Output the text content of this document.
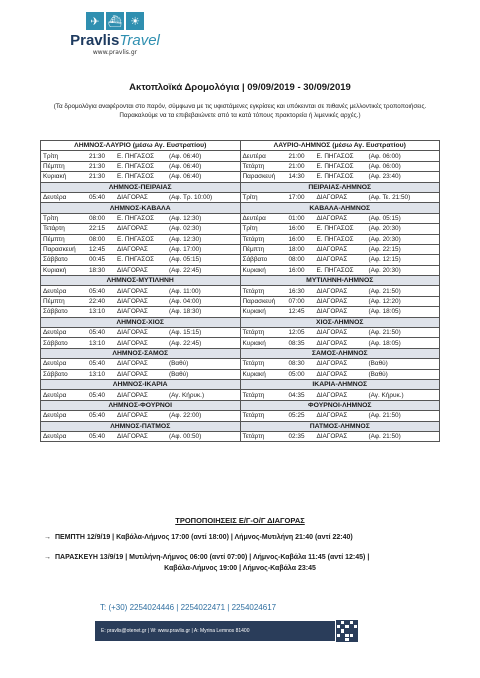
✈ ⛴ ☀
PravlisTravel
www.pravlis.gr
Ακτοπλοϊκά Δρομολόγια | 09/09/2019 - 30/09/2019
(Τα δρομολόγια αναφέρονται στο παρόν, σύμφωνα με τις υφιστάμενες εγκρίσεις και υπόκεινται σε πιθανές μελλοντικές τροποποιήσεις. Παρακαλούμε να τα επιβεβαιώνετε από τα κατά τόπους πρακτορεία ή λιμενικές αρχές.)
ΛΗΜΝΟΣ-ΛΑΥΡΙΟ (μέσω Αγ. Ευστρατίου)	ΛΑΥΡΙΟ-ΛΗΜΝΟΣ (μέσω Αγ. Ευστρατίου)

Τρίτη 21:30 Ε. ΠΗΓΑΣΟΣ (Αφ. 06:40)	Δευτέρα 21:00 Ε. ΠΗΓΑΣΟΣ (Αφ. 06:00)

Πέμπτη 21:30 Ε. ΠΗΓΑΣΟΣ (Αφ. 06:40)	Τετάρτη 21:00 Ε. ΠΗΓΑΣΟΣ (Αφ. 06:00)

Κυριακή 21:30 Ε. ΠΗΓΑΣΟΣ (Αφ. 06:40)	Παρασκευή 14:30 Ε. ΠΗΓΑΣΟΣ (Αφ. 23:40)

ΛΗΜΝΟΣ-ΠΕΙΡΑΙΑΣ	ΠΕΙΡΑΙΑΣ-ΛΗΜΝΟΣ

Δευτέρα 05:40 ΔΙΑΓΟΡΑΣ (Αφ. Τρ. 10:00)	Τρίτη 17:00 ΔΙΑΓΟΡΑΣ (Αφ. Τε. 21:50)

ΛΗΜΝΟΣ-ΚΑΒΑΛΑ	ΚΑΒΑΛΑ-ΛΗΜΝΟΣ

Τρίτη 08:00 Ε. ΠΗΓΑΣΟΣ (Αφ. 12:30)	Δευτέρα 01:00 ΔΙΑΓΟΡΑΣ (Αφ. 05:15)

Τετάρτη 22:15 ΔΙΑΓΟΡΑΣ (Αφ. 02:30)	Τρίτη 16:00 Ε. ΠΗΓΑΣΟΣ (Αφ. 20:30)

Πέμπτη 08:00 Ε. ΠΗΓΑΣΟΣ (Αφ. 12:30)	Τετάρτη 16:00 Ε. ΠΗΓΑΣΟΣ (Αφ. 20:30)

Παρασκευή 12:45 ΔΙΑΓΟΡΑΣ (Αφ. 17:00)	Πέμπτη 18:00 ΔΙΑΓΟΡΑΣ (Αφ. 22:15)

Σάββατο 00:45 Ε. ΠΗΓΑΣΟΣ (Αφ. 05:15)	Σάββατο 08:00 ΔΙΑΓΟΡΑΣ (Αφ. 12:15)

Κυριακή 18:30 ΔΙΑΓΟΡΑΣ (Αφ. 22:45)	Κυριακή 16:00 Ε. ΠΗΓΑΣΟΣ (Αφ. 20:30)

ΛΗΜΝΟΣ-ΜΥΤΙΛΗΝΗ	ΜΥΤΙΛΗΝΗ-ΛΗΜΝΟΣ

Δευτέρα 05:40 ΔΙΑΓΟΡΑΣ (Αφ. 11:00)	Τετάρτη 16:30 ΔΙΑΓΟΡΑΣ (Αφ. 21:50)

Πέμπτη 22:40 ΔΙΑΓΟΡΑΣ (Αφ. 04:00)	Παρασκευή 07:00 ΔΙΑΓΟΡΑΣ (Αφ. 12:20)

Σάββατο 13:10 ΔΙΑΓΟΡΑΣ (Αφ. 18:30)	Κυριακή 12:45 ΔΙΑΓΟΡΑΣ (Αφ. 18:05)

ΛΗΜΝΟΣ-ΧΙΟΣ	ΧΙΟΣ-ΛΗΜΝΟΣ

Δευτέρα 05:40 ΔΙΑΓΟΡΑΣ (Αφ. 15:15)	Τετάρτη 12:05 ΔΙΑΓΟΡΑΣ (Αφ. 21:50)

Σάββατο 13:10 ΔΙΑΓΟΡΑΣ (Αφ. 22:45)	Κυριακή 08:35 ΔΙΑΓΟΡΑΣ (Αφ. 18:05)

ΛΗΜΝΟΣ-ΣΑΜΟΣ	ΣΑΜΟΣ-ΛΗΜΝΟΣ

Δευτέρα 05:40 ΔΙΑΓΟΡΑΣ (Βαθύ)	Τετάρτη 08:30 ΔΙΑΓΟΡΑΣ (Βαθύ)

Σάββατο 13:10 ΔΙΑΓΟΡΑΣ (Βαθύ)	Κυριακή 05:00 ΔΙΑΓΟΡΑΣ (Βαθύ)

ΛΗΜΝΟΣ-ΙΚΑΡΙΑ	ΙΚΑΡΙΑ-ΛΗΜΝΟΣ

Δευτέρα 05:40 ΔΙΑΓΟΡΑΣ (Αγ. Κήρυκ.)	Τετάρτη 04:35 ΔΙΑΓΟΡΑΣ (Αγ. Κήρυκ.)

ΛΗΜΝΟΣ-ΦΟΥΡΝΟΙ	ΦΟΥΡΝΟΙ-ΛΗΜΝΟΣ

Δευτέρα 05:40 ΔΙΑΓΟΡΑΣ (Αφ. 22:00)	Τετάρτη 05:25 ΔΙΑΓΟΡΑΣ (Αφ. 21:50)

ΛΗΜΝΟΣ-ΠΑΤΜΟΣ	ΠΑΤΜΟΣ-ΛΗΜΝΟΣ

Δευτέρα 05:40 ΔΙΑΓΟΡΑΣ (Αφ. 00:50)	Τετάρτη 02:35 ΔΙΑΓΟΡΑΣ (Αφ. 21:50)
ΤΡΟΠΟΠΟΙΗΣΕΙΣ Ε/Γ-Ο/Γ ΔΙΑΓΟΡΑΣ
→ ΠΕΜΠΤΗ 12/9/19 | Καβάλα-Λήμνος 17:00 (αντί 18:00) | Λήμνος-Μυτιλήνη 21:40 (αντί 22:40)
→ ΠΑΡΑΣΚΕΥΗ 13/9/19 | Μυτιλήνη-Λήμνος 06:00 (αντί 07:00) | Λήμνος-Καβάλα 11:45 (αντί 12:45) |
Καβάλα-Λήμνος 19:00 | Λήμνος-Καβάλα 23:45
T: (+30) 2254024446 | 2254022471 | 2254024617
E: pravlis@otenet.gr | W: www.pravlis.gr | A: Myrina Lemnos 81400
